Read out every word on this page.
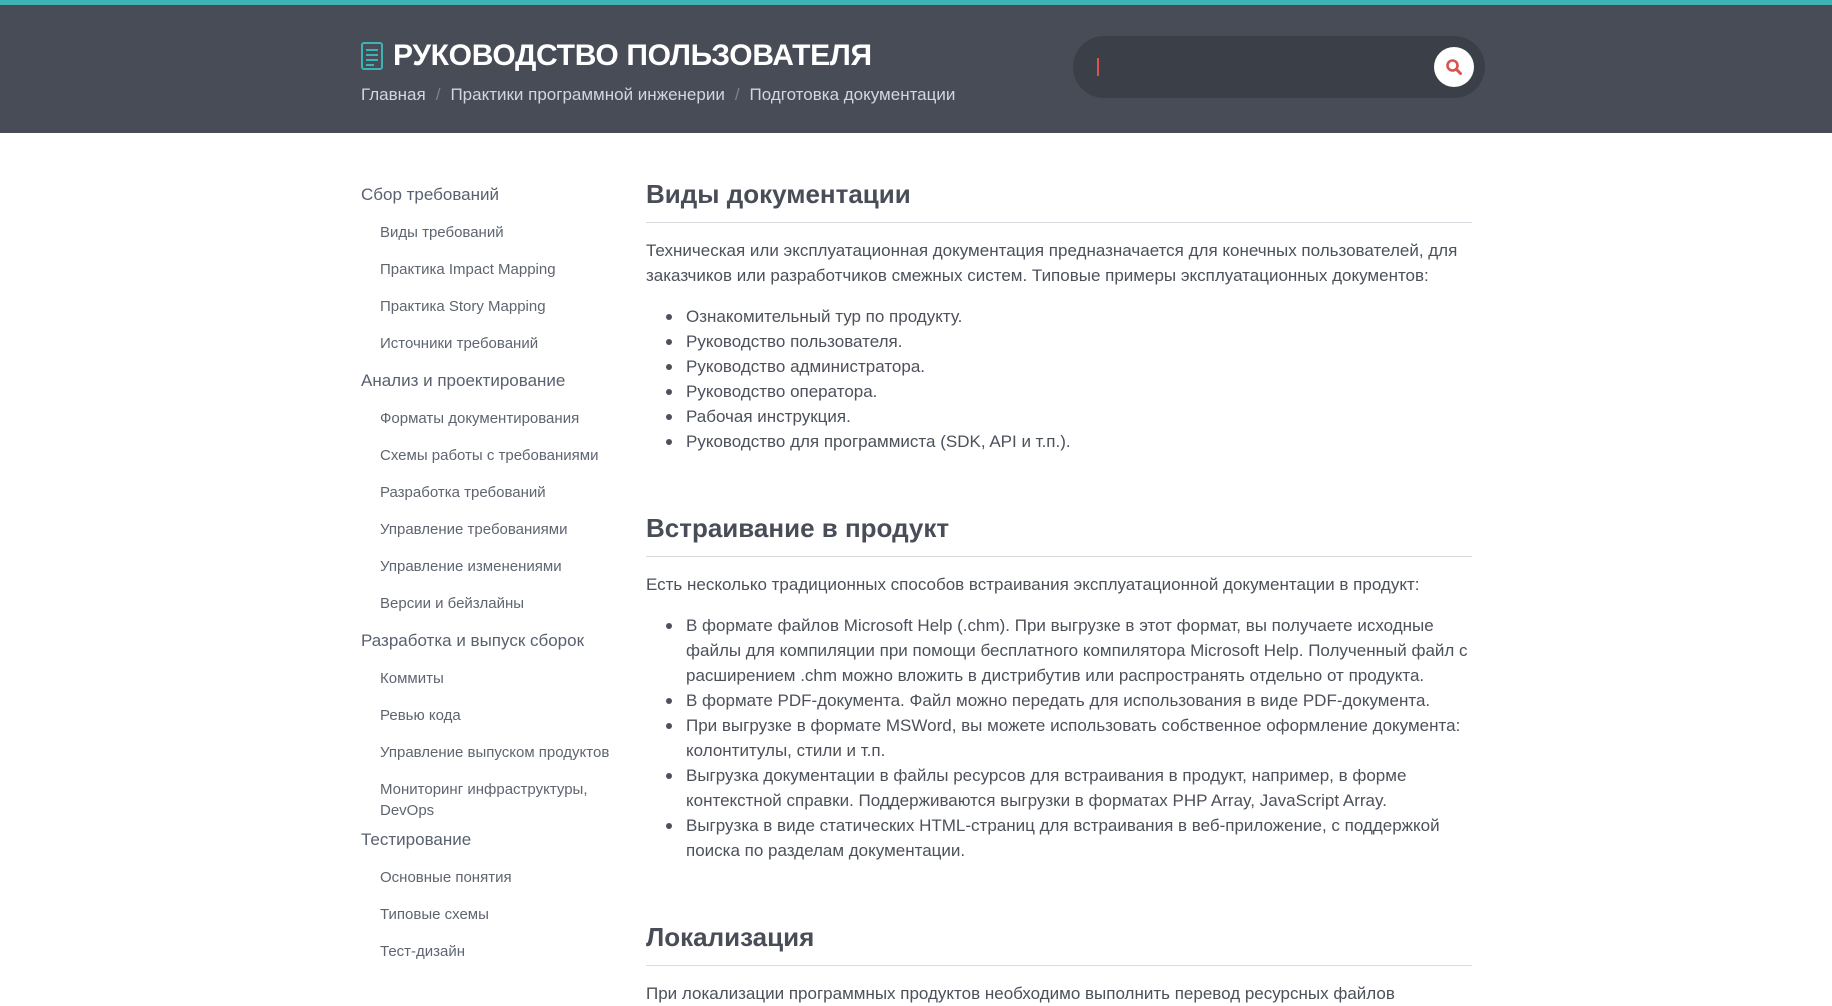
РУКОВОДСТВО ПОЛЬЗОВАТЕЛЯ
Главная / Практики программной инженерии / Подготовка документации
Сбор требований
Виды требований
Практика Impact Mapping
Практика Story Mapping
Источники требований
Анализ и проектирование
Форматы документирования
Схемы работы с требованиями
Разработка требований
Управление требованиями
Управление изменениями
Версии и бейзлайны
Разработка и выпуск сборок
Коммиты
Ревью кода
Управление выпуском продуктов
Мониторинг инфраструктуры, DevOps
Тестирование
Основные понятия
Типовые схемы
Тест-дизайн
Виды документации

Техническая или эксплуатационная документация предназначается для конечных пользователей, для заказчиков или разработчиков смежных систем. Типовые примеры эксплуатационных документов:

Ознакомительный тур по продукту.
Руководство пользователя.
Руководство администратора.
Руководство оператора.
Рабочая инструкция.
Руководство для программиста (SDK, API и т.п.).
Встраивание в продукт

Есть несколько традиционных способов встраивания эксплуатационной документации в продукт:

В формате файлов Microsoft Help (.chm). При выгрузке в этот формат, вы получаете исходные файлы для компиляции при помощи бесплатного компилятора Microsoft Help. Полученный файл с расширением .chm можно вложить в дистрибутив или распространять отдельно от продукта.
В формате PDF-документа. Файл можно передать для использования в виде PDF-документа.
При выгрузке в формате MSWord, вы можете использовать собственное оформление документа: колонтитулы, стили и т.п.
Выгрузка документации в файлы ресурсов для встраивания в продукт, например, в форме контекстной справки. Поддерживаются выгрузки в форматах PHP Array, JavaScript Array.
Выгрузка в виде статических HTML-страниц для встраивания в веб-приложение, с поддержкой поиска по разделам документации.
Локализация

При локализации программных продуктов необходимо выполнить перевод ресурсных файлов
